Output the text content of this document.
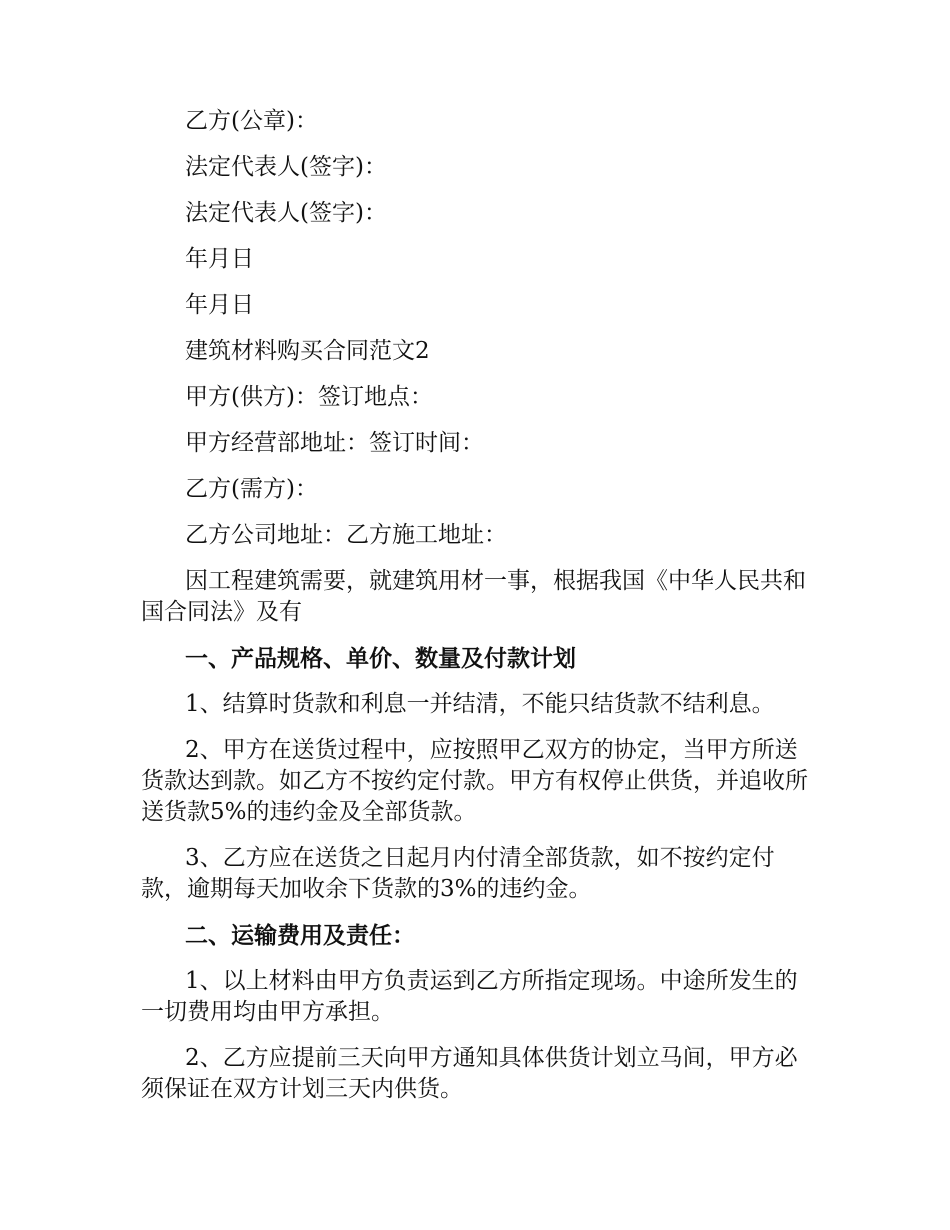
乙方(公章)：
法定代表人(签字)：
法定代表人(签字)：
年月日
年月日
建筑材料购买合同范文2
甲方(供方)：签订地点：
甲方经营部地址：签订时间：
乙方(需方)：
乙方公司地址：乙方施工地址：
因工程建筑需要，就建筑用材一事，根据我国《中华人民共和国合同法》及有
一、产品规格、单价、数量及付款计划
1、结算时货款和利息一并结清，不能只结货款不结利息。
2、甲方在送货过程中，应按照甲乙双方的协定，当甲方所送货款达到款。如乙方不按约定付款。甲方有权停止供货，并追收所送货款5%的违约金及全部货款。
3、乙方应在送货之日起月内付清全部货款，如不按约定付款，逾期每天加收余下货款的3%的违约金。
二、运输费用及责任：
1、以上材料由甲方负责运到乙方所指定现场。中途所发生的一切费用均由甲方承担。
2、乙方应提前三天向甲方通知具体供货计划立马间，甲方必须保证在双方计划三天内供货。
